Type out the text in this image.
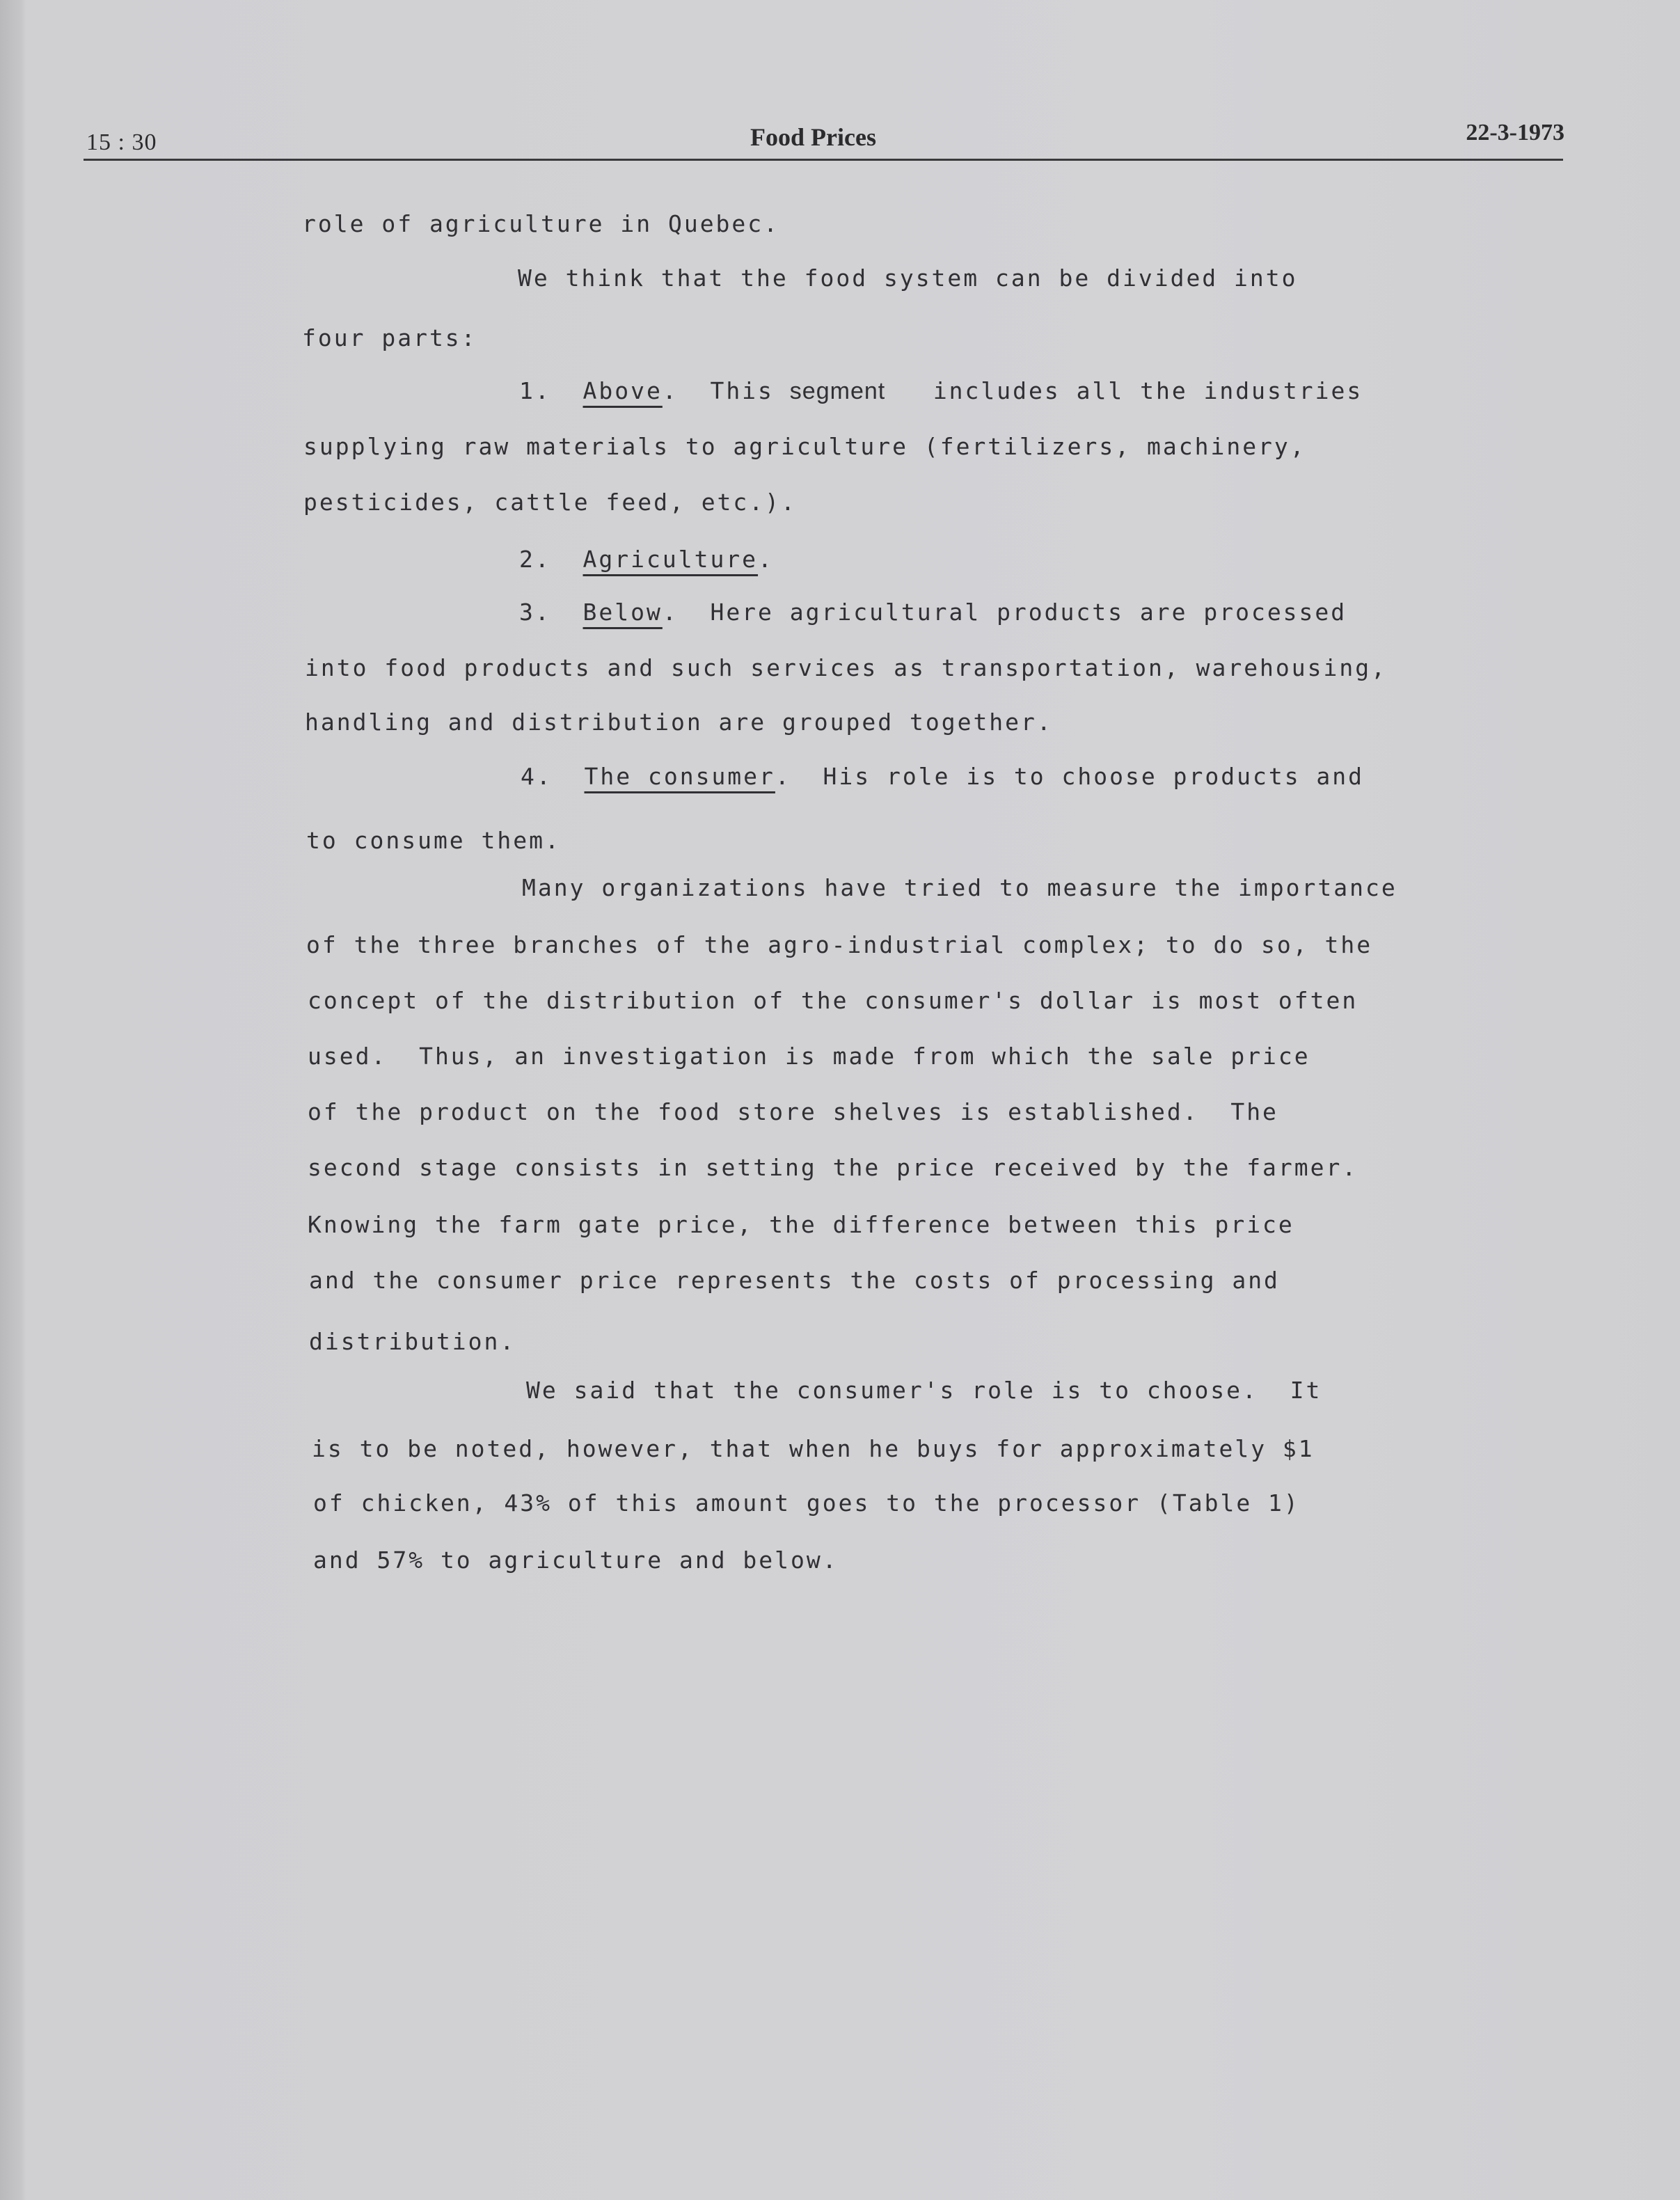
15 : 30	Food Prices	22-3-1973
role of agriculture in Quebec.
We think that the food system can be divided into
four parts:
1. Above.  This segment includes all the industries
supplying raw materials to agriculture (fertilizers, machinery,
pesticides, cattle feed, etc.).
2. Agriculture.
3. Below.  Here agricultural products are processed
into food products and such services as transportation, warehousing,
handling and distribution are grouped together.
4. The consumer.  His role is to choose products and
to consume them.
Many organizations have tried to measure the importance
of the three branches of the agro-industrial complex; to do so, the
concept of the distribution of the consumer's dollar is most often
used.  Thus, an investigation is made from which the sale price
of the product on the food store shelves is established.  The
second stage consists in setting the price received by the farmer.
Knowing the farm gate price, the difference between this price
and the consumer price represents the costs of processing and
distribution.
We said that the consumer's role is to choose.  It
is to be noted, however, that when he buys for approximately $1
of chicken, 43% of this amount goes to the processor (Table 1)
and 57% to agriculture and below.
